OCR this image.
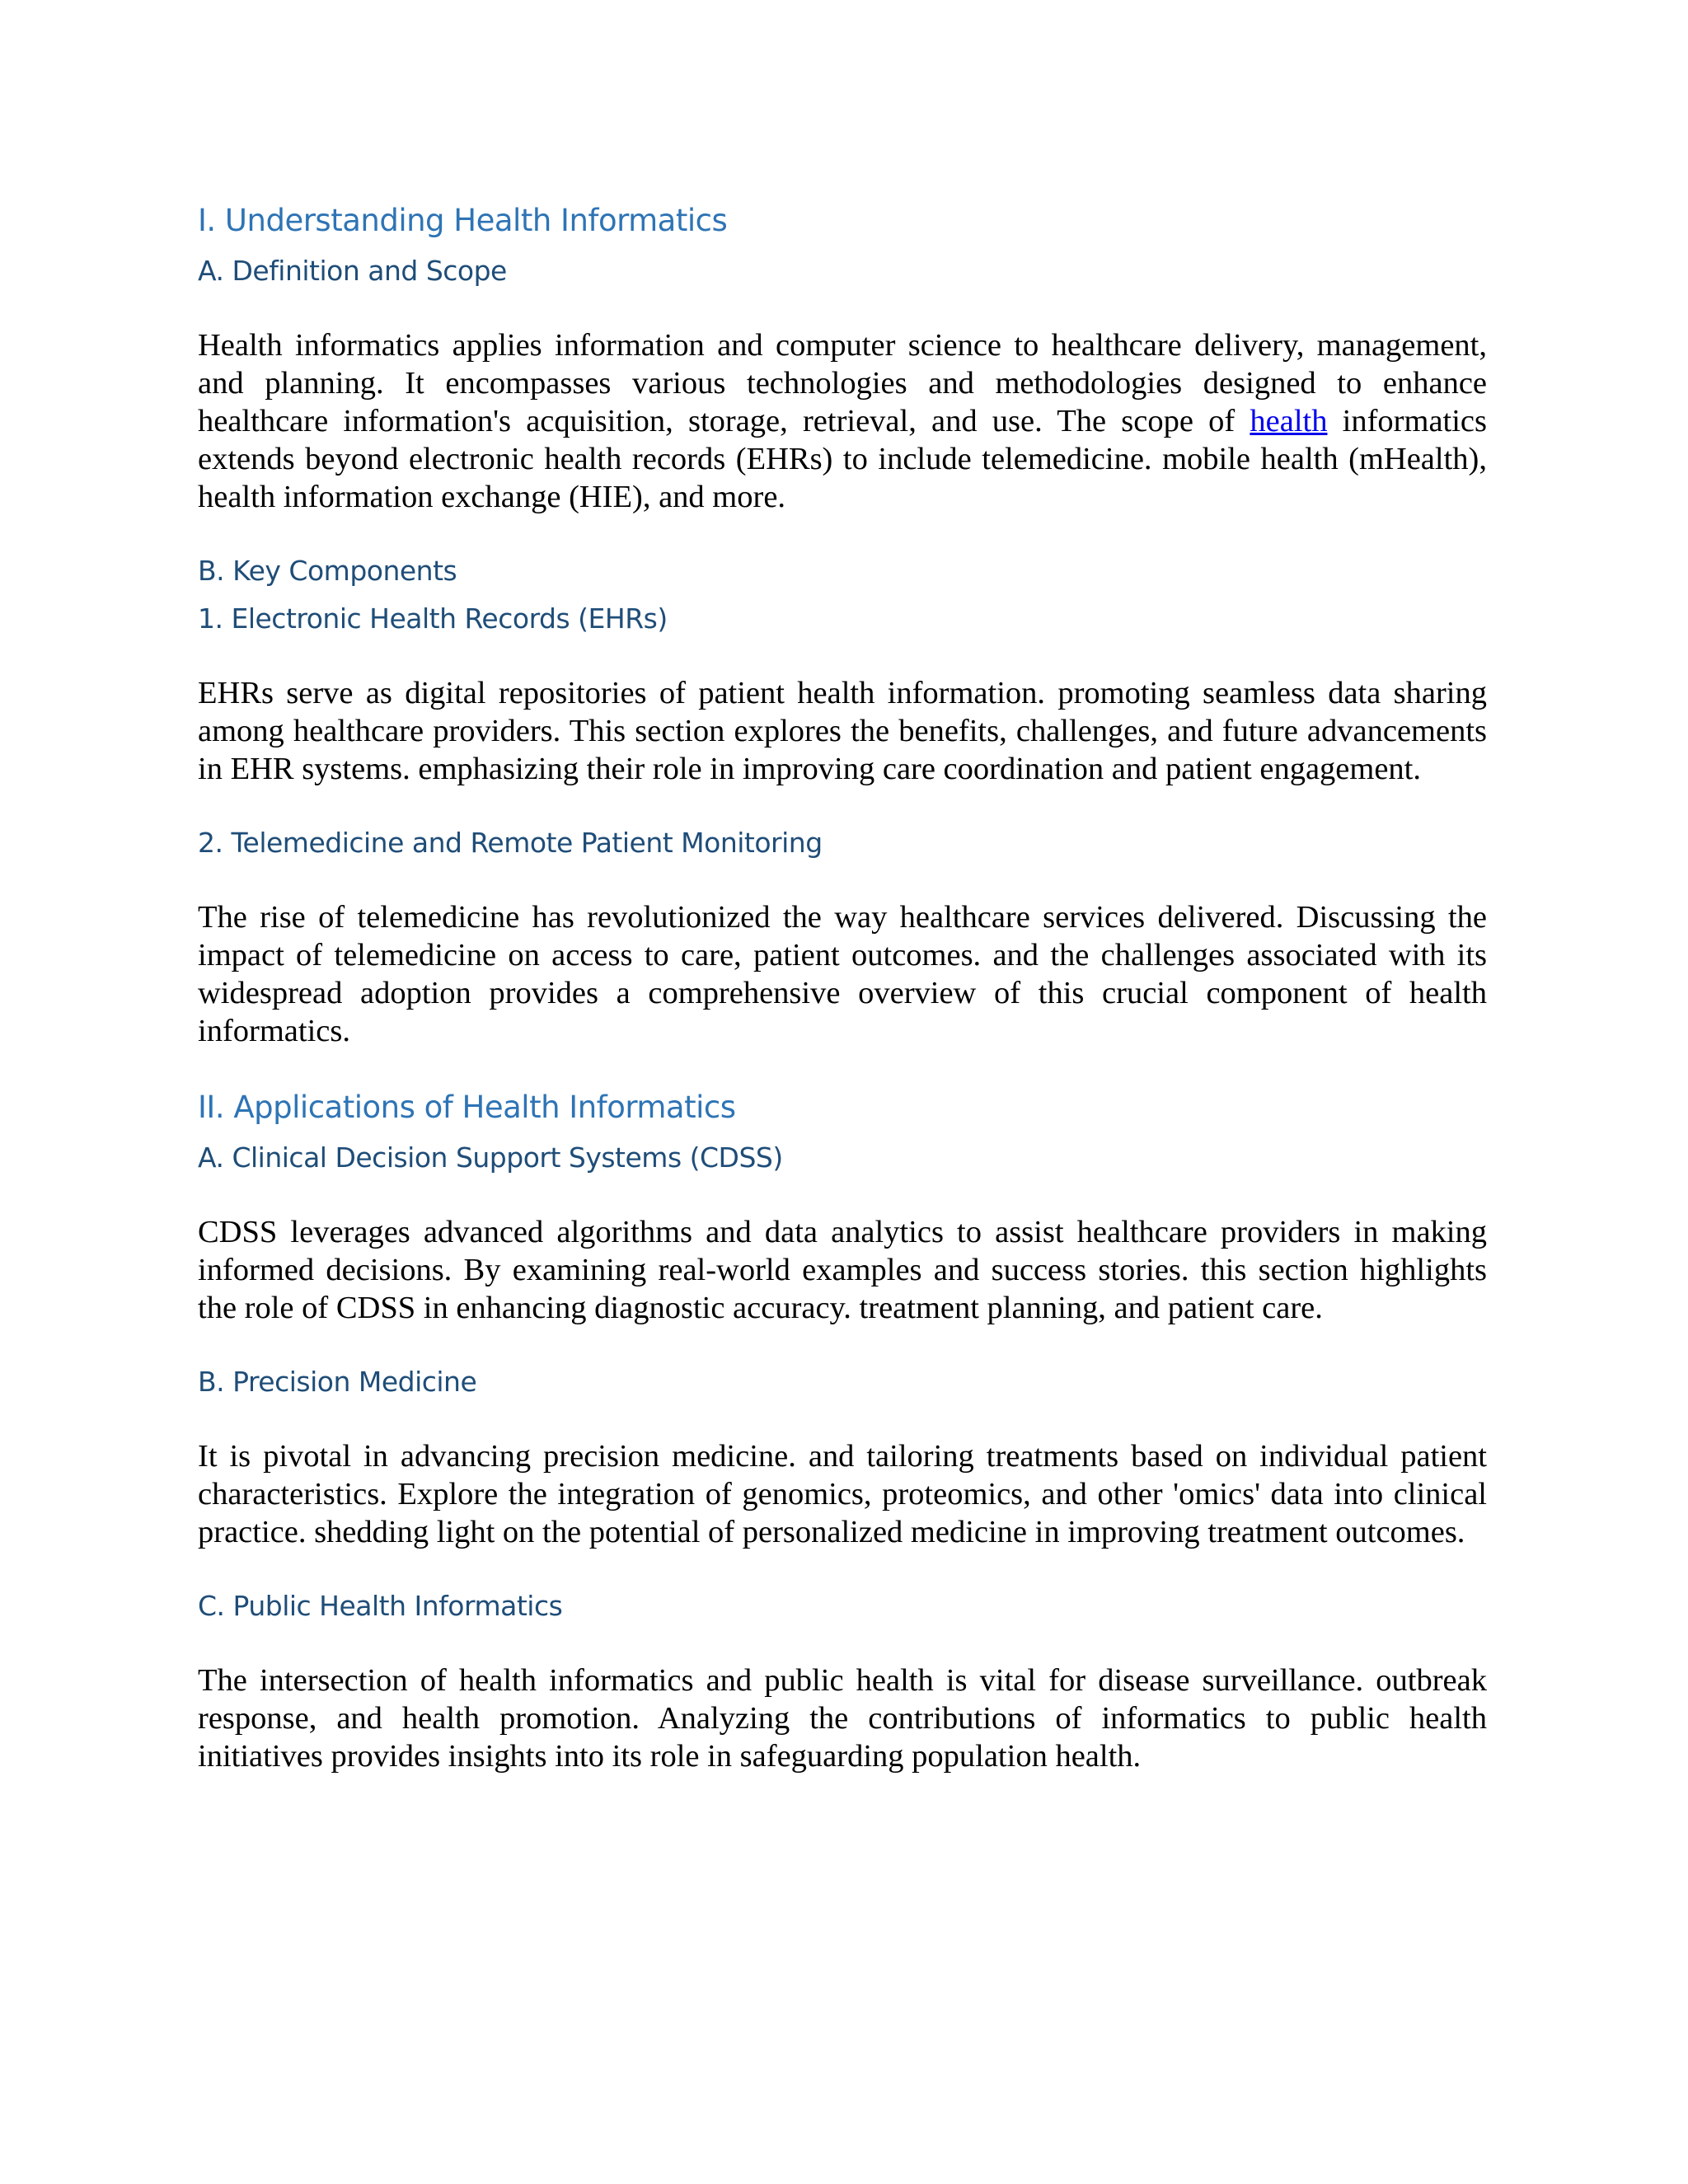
I. Understanding Health Informatics
A. Definition and Scope

Health informatics applies information and computer science to healthcare delivery, management, and planning. It encompasses various technologies and methodologies designed to enhance healthcare information's acquisition, storage, retrieval, and use. The scope of health informatics extends beyond electronic health records (EHRs) to include telemedicine. mobile health (mHealth), health information exchange (HIE), and more.

B. Key Components
1. Electronic Health Records (EHRs)

EHRs serve as digital repositories of patient health information. promoting seamless data sharing among healthcare providers. This section explores the benefits, challenges, and future advancements in EHR systems. emphasizing their role in improving care coordination and patient engagement.

2. Telemedicine and Remote Patient Monitoring

The rise of telemedicine has revolutionized the way healthcare services delivered. Discussing the impact of telemedicine on access to care, patient outcomes. and the challenges associated with its widespread adoption provides a comprehensive overview of this crucial component of health informatics.

II. Applications of Health Informatics
A. Clinical Decision Support Systems (CDSS)

CDSS leverages advanced algorithms and data analytics to assist healthcare providers in making informed decisions. By examining real-world examples and success stories. this section highlights the role of CDSS in enhancing diagnostic accuracy. treatment planning, and patient care.

B. Precision Medicine

It is pivotal in advancing precision medicine. and tailoring treatments based on individual patient characteristics. Explore the integration of genomics, proteomics, and other 'omics' data into clinical practice. shedding light on the potential of personalized medicine in improving treatment outcomes.

C. Public Health Informatics

The intersection of health informatics and public health is vital for disease surveillance. outbreak response, and health promotion. Analyzing the contributions of informatics to public health initiatives provides insights into its role in safeguarding population health.
